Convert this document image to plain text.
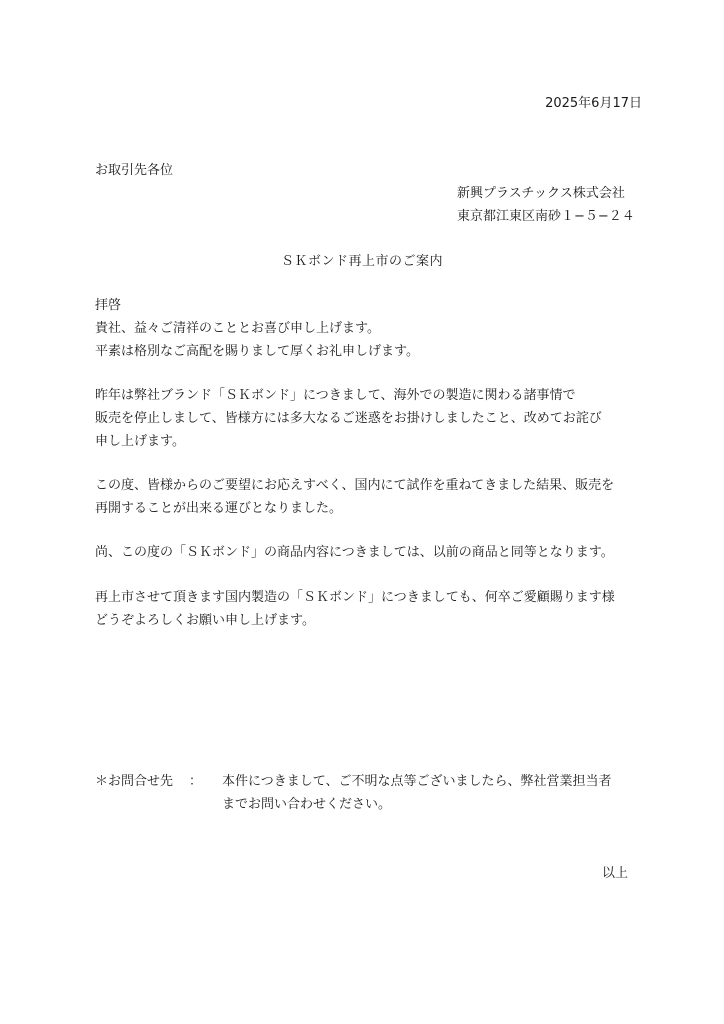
2025年6月17日
お取引先各位
新興プラスチックス株式会社
東京都江東区南砂１−５−２４
ＳＫボンド再上市のご案内
拝啓
貴社、益々ご清祥のこととお喜び申し上げます。
平素は格別なご高配を賜りまして厚くお礼申しげます。
昨年は弊社ブランド「ＳＫボンド」につきまして、海外での製造に関わる諸事情で
販売を停止しまして、皆様方には多大なるご迷惑をお掛けしましたこと、改めてお詫び
申し上げます。
この度、皆様からのご要望にお応えすべく、国内にて試作を重ねてきました結果、販売を
再開することが出来る運びとなりました。
尚、この度の「ＳＫボンド」の商品内容につきましては、以前の商品と同等となります。
再上市させて頂きます国内製造の「ＳＫボンド」につきましても、何卒ご愛顧賜ります様
どうぞよろしくお願い申し上げます。
＊お問合せ先 ： 本件につきまして、ご不明な点等ございましたら、弊社営業担当者
までお問い合わせください。
以上
